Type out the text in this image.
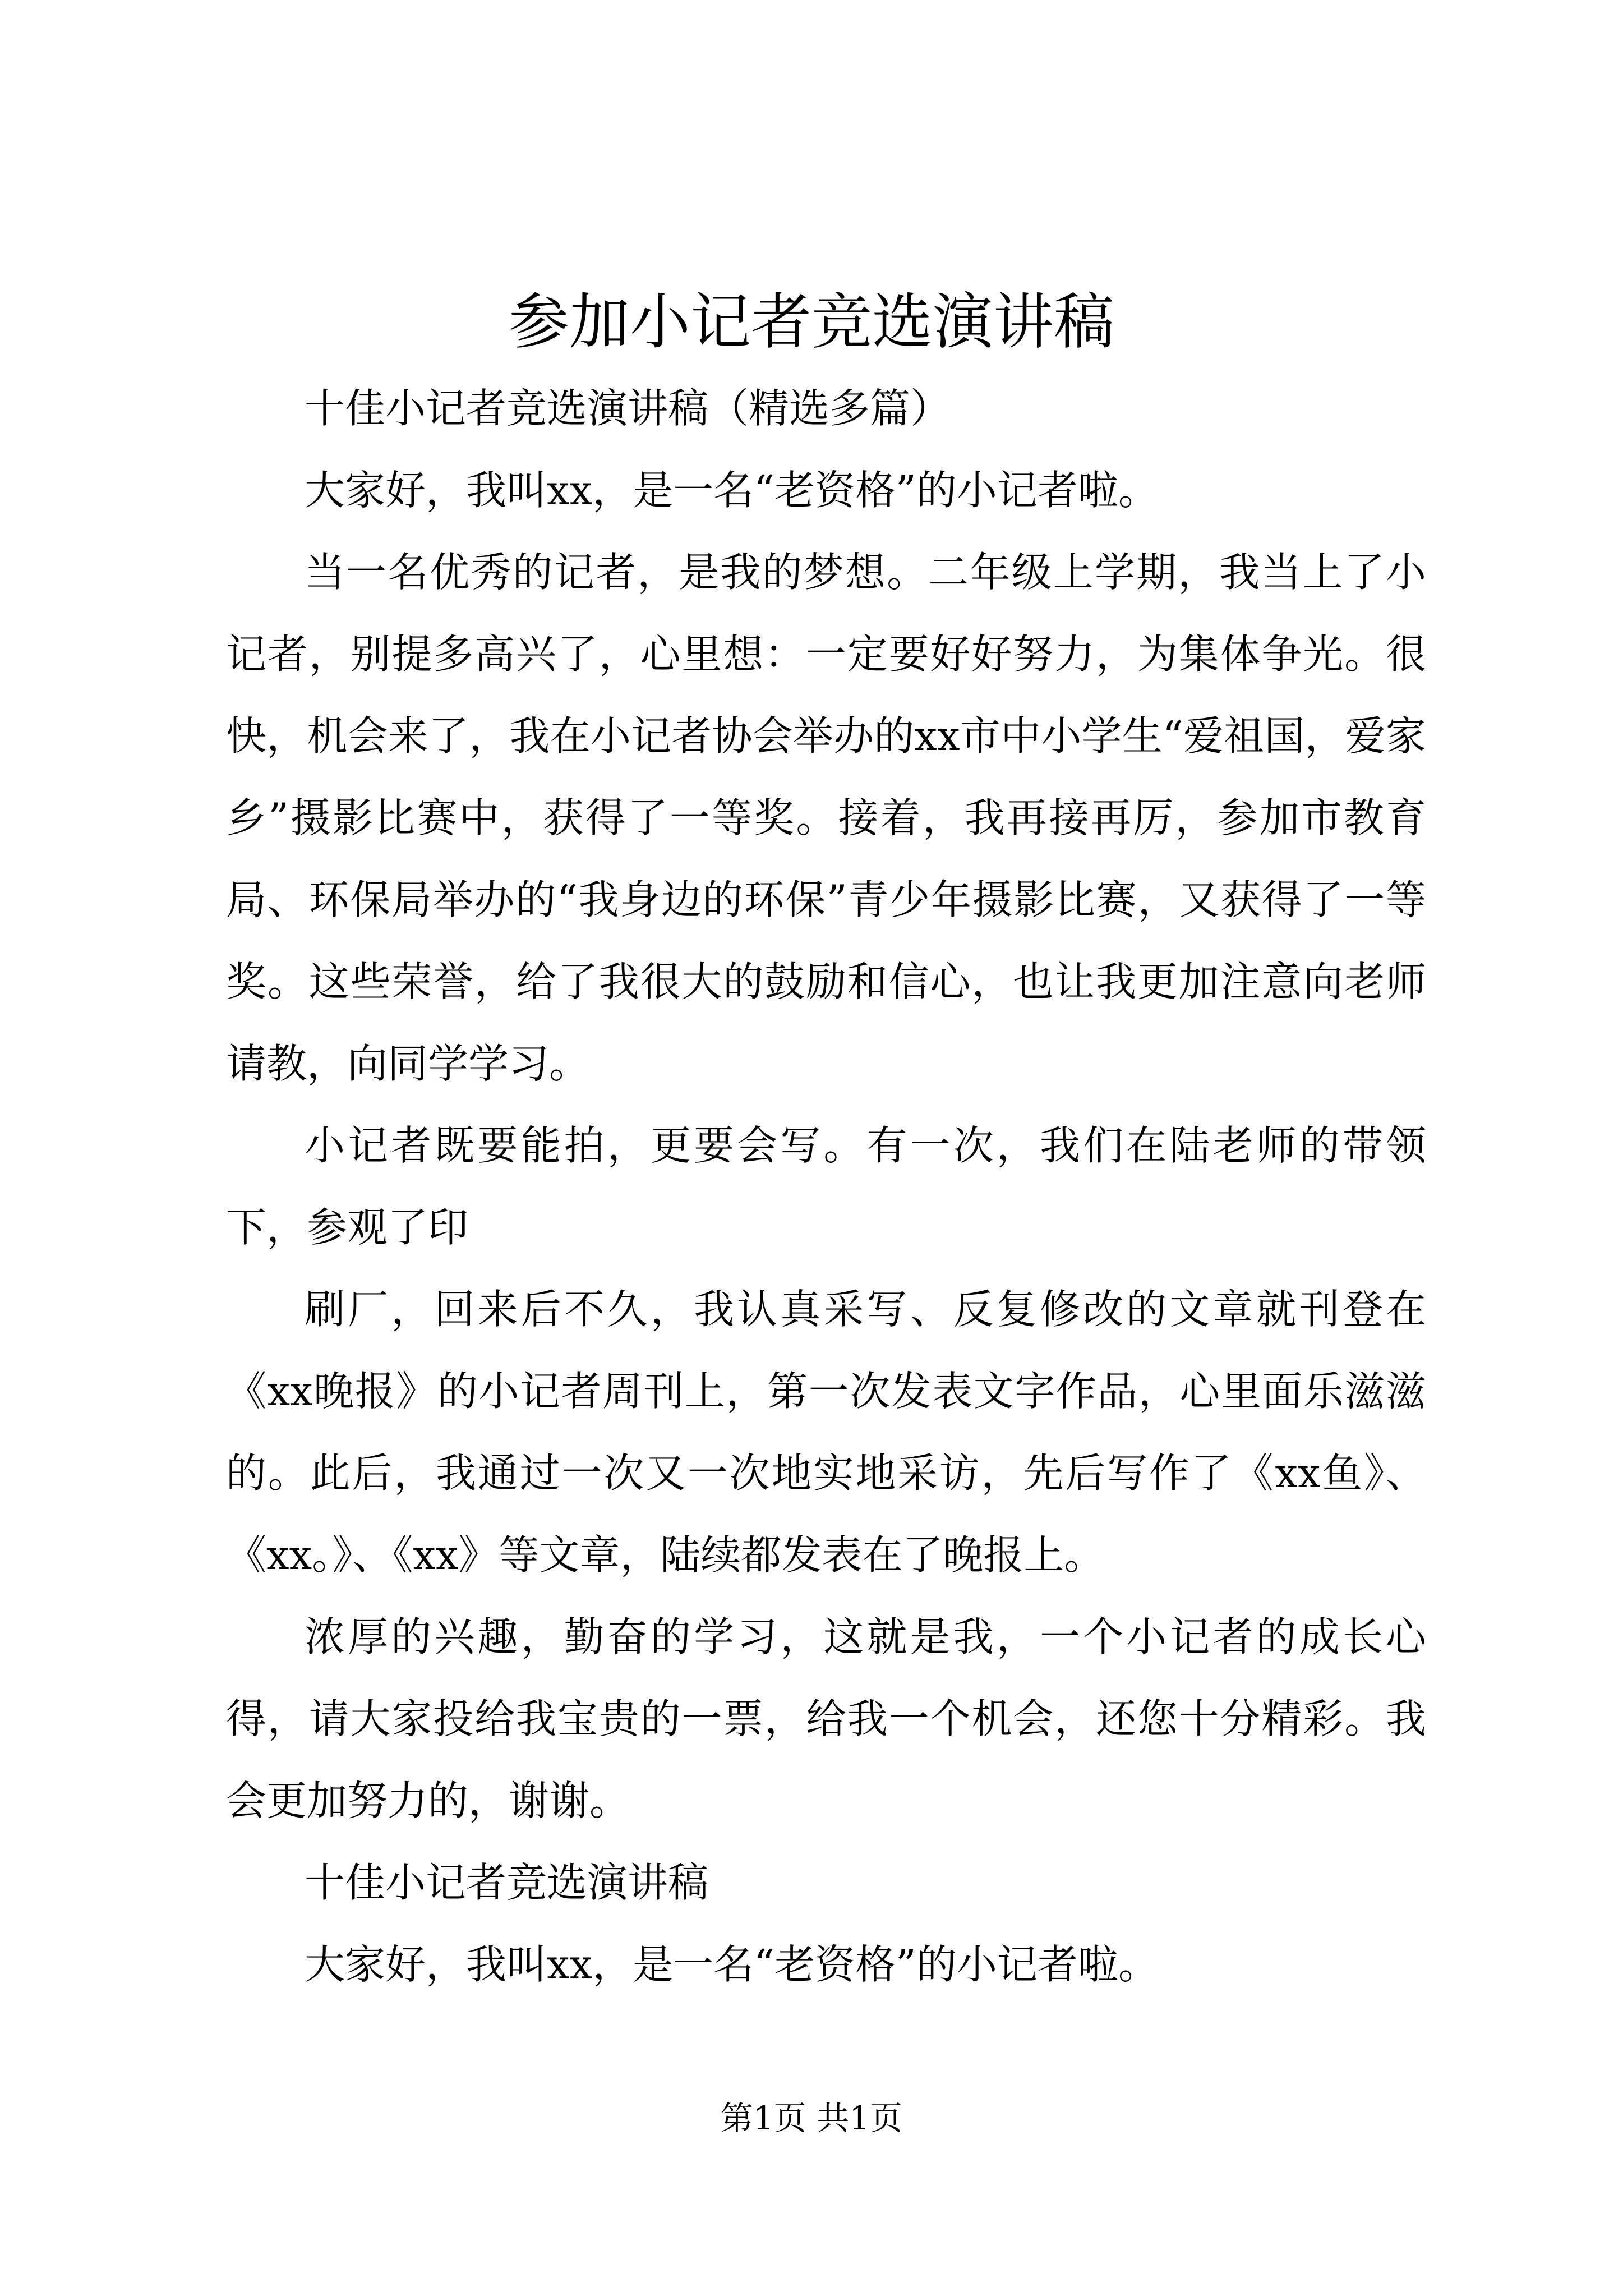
参加小记者竞选演讲稿

十佳小记者竞选演讲稿（精选多篇）

大家好，我叫xx，是一名“老资格”的小记者啦。

当一名优秀的记者，是我的梦想。二年级上学期，我当上了小记者，别提多高兴了，心里想：一定要好好努力，为集体争光。很快，机会来了，我在小记者协会举办的xx市中小学生“爱祖国，爱家乡”摄影比赛中，获得了一等奖。接着，我再接再厉，参加市教育局、环保局举办的“我身边的环保”青少年摄影比赛，又获得了一等奖。这些荣誉，给了我很大的鼓励和信心，也让我更加注意向老师请教，向同学学习。

小记者既要能拍，更要会写。有一次，我们在陆老师的带领下，参观了印

刷厂，回来后不久，我认真采写、反复修改的文章就刊登在《xx晚报》的小记者周刊上，第一次发表文字作品，心里面乐滋滋的。此后，我通过一次又一次地实地采访，先后写作了《xx鱼》、《xx。》、《xx》等文章，陆续都发表在了晚报上。

浓厚的兴趣，勤奋的学习，这就是我，一个小记者的成长心得，请大家投给我宝贵的一票，给我一个机会，还您十分精彩。我会更加努力的，谢谢。

十佳小记者竞选演讲稿

大家好，我叫xx，是一名“老资格”的小记者啦。

第1页 共1页
